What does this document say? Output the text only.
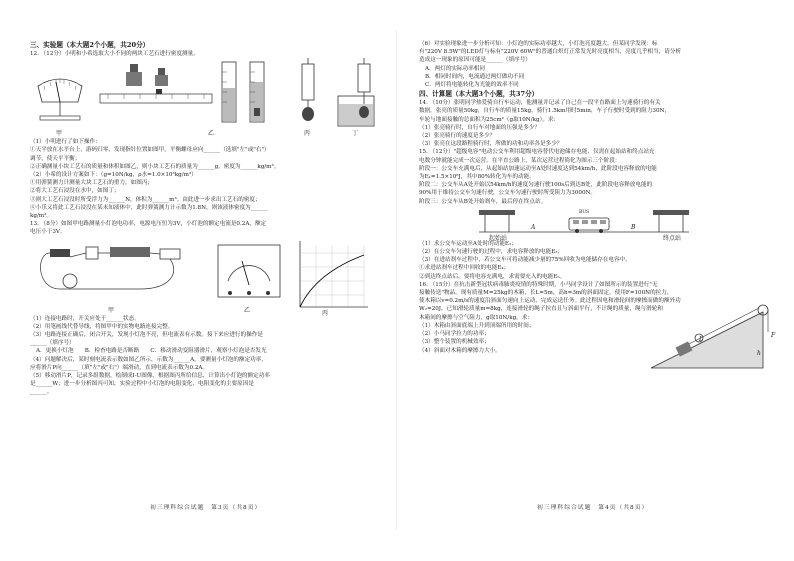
三、实验题（本大题2个小题，共20分）
12. （12分）小明和小希选取大小不同的两块工艺石进行密度测量。
甲	乙	丙	丁
（1）小明进行了如下操作：
①天平放在水平台上，游码归零，发现指针位置如图甲，平衡螺母应向______（选填"左"或"右"）
调节，使天平平衡；
②正确测量小块工艺石的质量和体积如图乙，则小块工艺石的质量为______g，密度为______kg/m³。
（2）小希的设计方案如下：（g=10N/kg，ρ水=1.0×10³kg/m³）
①用弹簧测力计测量大块工艺石的重力，如图丙；
②将大工艺石浸没在水中，如图丁；
③则大工艺石浸没时所受浮力为______N，体积为______m³。由此进一步求出工艺石的密度；
④小乐又将此工艺石浸没在某未知液体中，此时弹簧测力计示数为1.8N，则该液体密度为______
kg/m³。
13. （8分）如图甲电路测量小灯泡电功率，电源电压恒为3V，小灯泡的额定电流是0.2A，额定
电压小于3V。
甲	乙	丙
（1）连接电路时，开关应处于______状态。
（2）用笔画线代替导线，将图甲中的实物电路连接完整。
（3）电路连接正确后，闭合开关，发现小灯泡不亮，但电流表有示数。接下来应进行的操作是
______（填序号）
A．更换小灯泡　　B．检查电路是否断路　　C．移动滑动变阻器滑片，观察小灯泡是否发光
（4）问题解决后，某时刻电流表示数如图乙所示，示数为______A。要测量小灯泡的额定功率，
应将滑片P向______（填"左"或"右"）端滑动，直到电流表示数为0.2A。
（5）移动滑片P，记录多组数据，绘制成I-U图像，根据图丙所给信息，计算出小灯泡的额定功率
是______W；进一步分析图丙可知，实验过程中小灯泡的电阻变化，电阻变化的主要原因是
______。
初三理科综合试题　第3页（共8页）
（6）对实验现象进一步分析可知：小灯泡的实际功率越大，小灯泡亮度越大。但某同学发现：标
有"220V 8.5W"的LED灯与标有"220V 60W"的普通白炽灯正常发光时亮度相当，亮度几乎相当，请分析
造成这一现象的原因可能是______（填序号）
A．两灯的实际功率相同
B．相同时间内，电流通过两灯做功不同
C．两灯将电能转化为光能的效率不同
四、计算题（本大题3个小题，共37分）
14. （10分）张明同学热爱骑自行车运动，他测量并记录了自己在一段平直路面上匀速骑行的有关
数据。张亮的质量50kg，自行车的质量15kg，骑行1.5km用时5min，车子行驶时受到的阻力30N，
车轮与地面接触的总面积为25cm²（g取10N/kg）。求：
（1）张亮骑行时，自行车对地面的压强是多少？
（2）张亮骑行的速度是多少？
（3）张亮在这段路程骑行时，所做的功和功率各是多少？
15. （12分）"超级电容"电动公交车利用超级电容替代电池储存电能，仅需在起始站和终点站充
电数分钟就能完成一次运营。在平直公路上，某次运营过程简化为图示三个阶段：
阶段一：公交车充满电后，从起始站加速运动至A处时速度达到54km/h，此阶段电容释放的电能
为E₁=1.5×10⁶J，其中80%转化为车的动能。
阶段二：公交车从A处开始以54km/h的速度匀速行驶100s后到达B处，此阶段电容释放电能的
90%用于维持公交车匀速行驶，公交车匀速行驶时所受阻力为3000N。
阶段三：公交车从B处开始刹车，最后停在终点站。
起始站	终点站
A	B
BUS
（1）求公交车运动至A处时的动能E₂；
（2）在公交车匀速行驶的过程中，求电容释放的电能E₃；
（3）在进站刹车过程中，若公交车可将动能减少量的75%回收为电能储存在电容中，
①求进站刹车过程中回收的电能E₄；
②到达终点站后，要将电容充满电，求需要充入的电能E₅。
16. （15分）在抗击新型冠状病毒肺炎疫情的特殊时期，小马同学设计了如图所示的装置进行"无
接触传送"物品。现有质量M=25kg的木箱，长L=5m，高h=3m的斜面固定，使用F=100N的拉力，
使木箱以v=0.2m/s的速度沿斜面匀速向上运动，完成运送任务。此过程因电和滑轮间的摩擦而做的额外功
W₂=20J，已知滑轮质量m=8kg，连接滑轮的绳子拉直且与斜面平行，不计绳的质量，绳与滑轮和
木箱间的摩擦与空气阻力，g取10N/kg。求：
（1）木箱由斜面底端上升到顶端所用的时间；
（2）小马同学拉力的功率；
（3）整个装置的机械效率；
（4）斜面对木箱的摩擦力大小。
F
h
L
初三理科综合试题　第4页（共8页）
